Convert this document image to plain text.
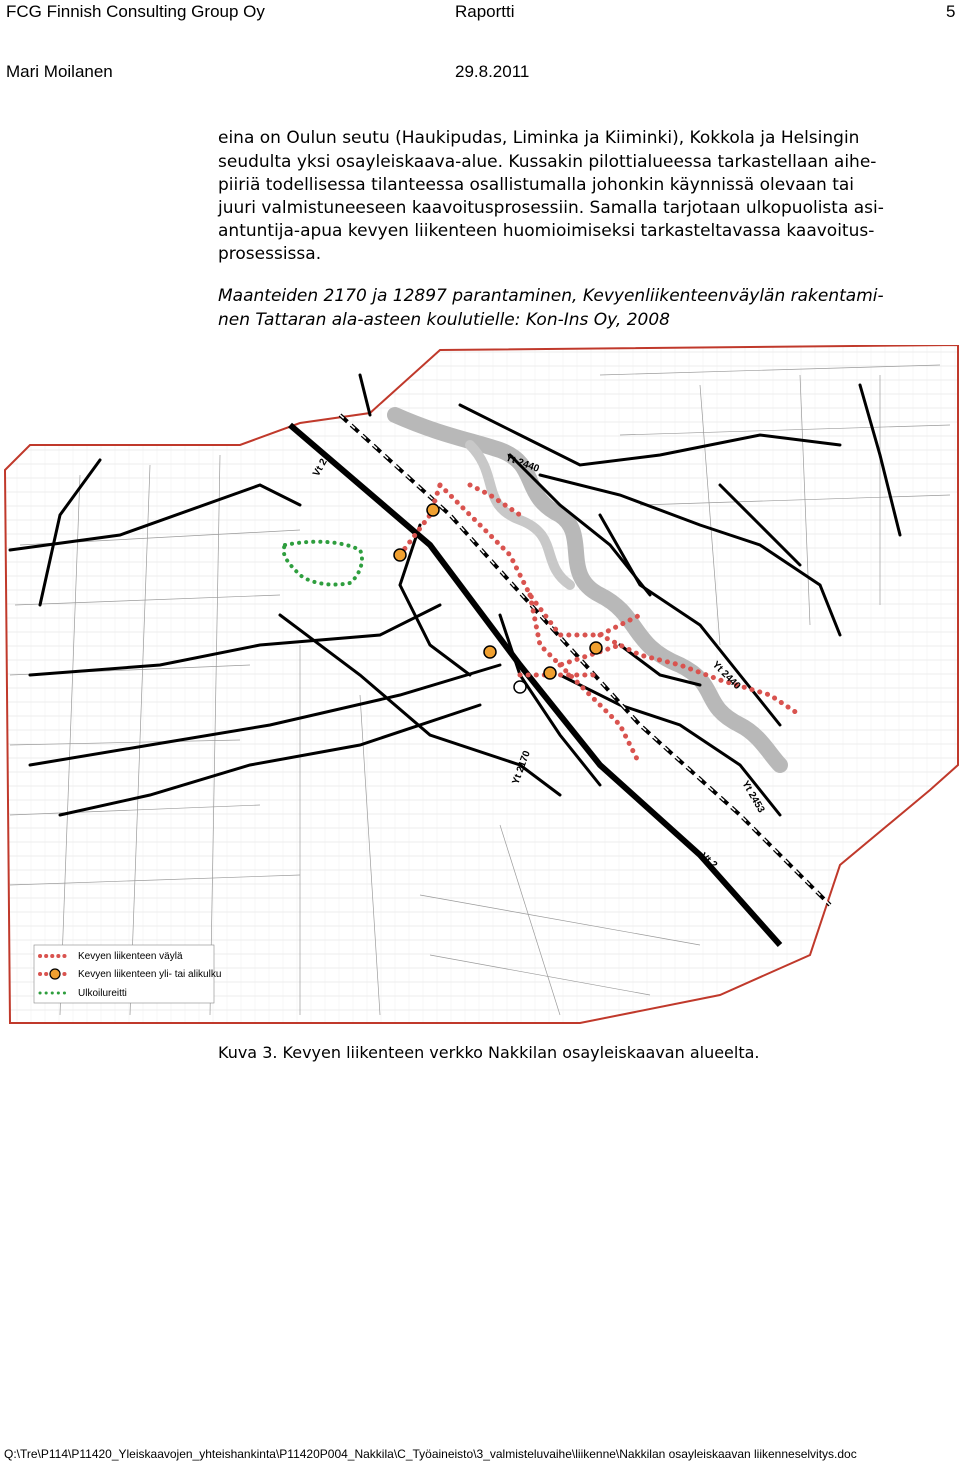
FCG Finnish Consulting Group Oy	Raportti	5
Mari Moilanen	29.8.2011
eina on Oulun seutu (Haukipudas, Liminka ja Kiiminki), Kokkola ja Helsingin
seudulta yksi osayleiskaava-alue. Kussakin pilottialueessa tarkastellaan aihe-
piiriä todellisessa tilanteessa osallistumalla johonkin käynnissä olevaan tai
juuri valmistuneeseen kaavoitusprosessiin. Samalla tarjotaan ulkopuolista asi-
antuntija-apua kevyen liikenteen huomioimiseksi tarkasteltavassa kaavoitus-
prosessissa.
Maanteiden 2170 ja 12897 parantaminen, Kevyenliikenteenväylän rakentami-
nen Tattaran ala-asteen koulutielle: Kon-Ins Oy, 2008
Vt 2	Yt 2440
Yt 2440
Yt 2170
Yt 2453
Vt 2
Kevyen liikenteen väylä
Kevyen liikenteen yli- tai alikulku
Ulkoilureitti
Kuva 3. Kevyen liikenteen verkko Nakkilan osayleiskaavan alueelta.
Q:\Tre\P114\P11420_Yleiskaavojen_yhteishankinta\P11420P004_Nakkila\C_Työaineisto\3_valmisteluvaihe\liikenne\Nakkilan osayleiskaavan liikenneselvitys.doc
